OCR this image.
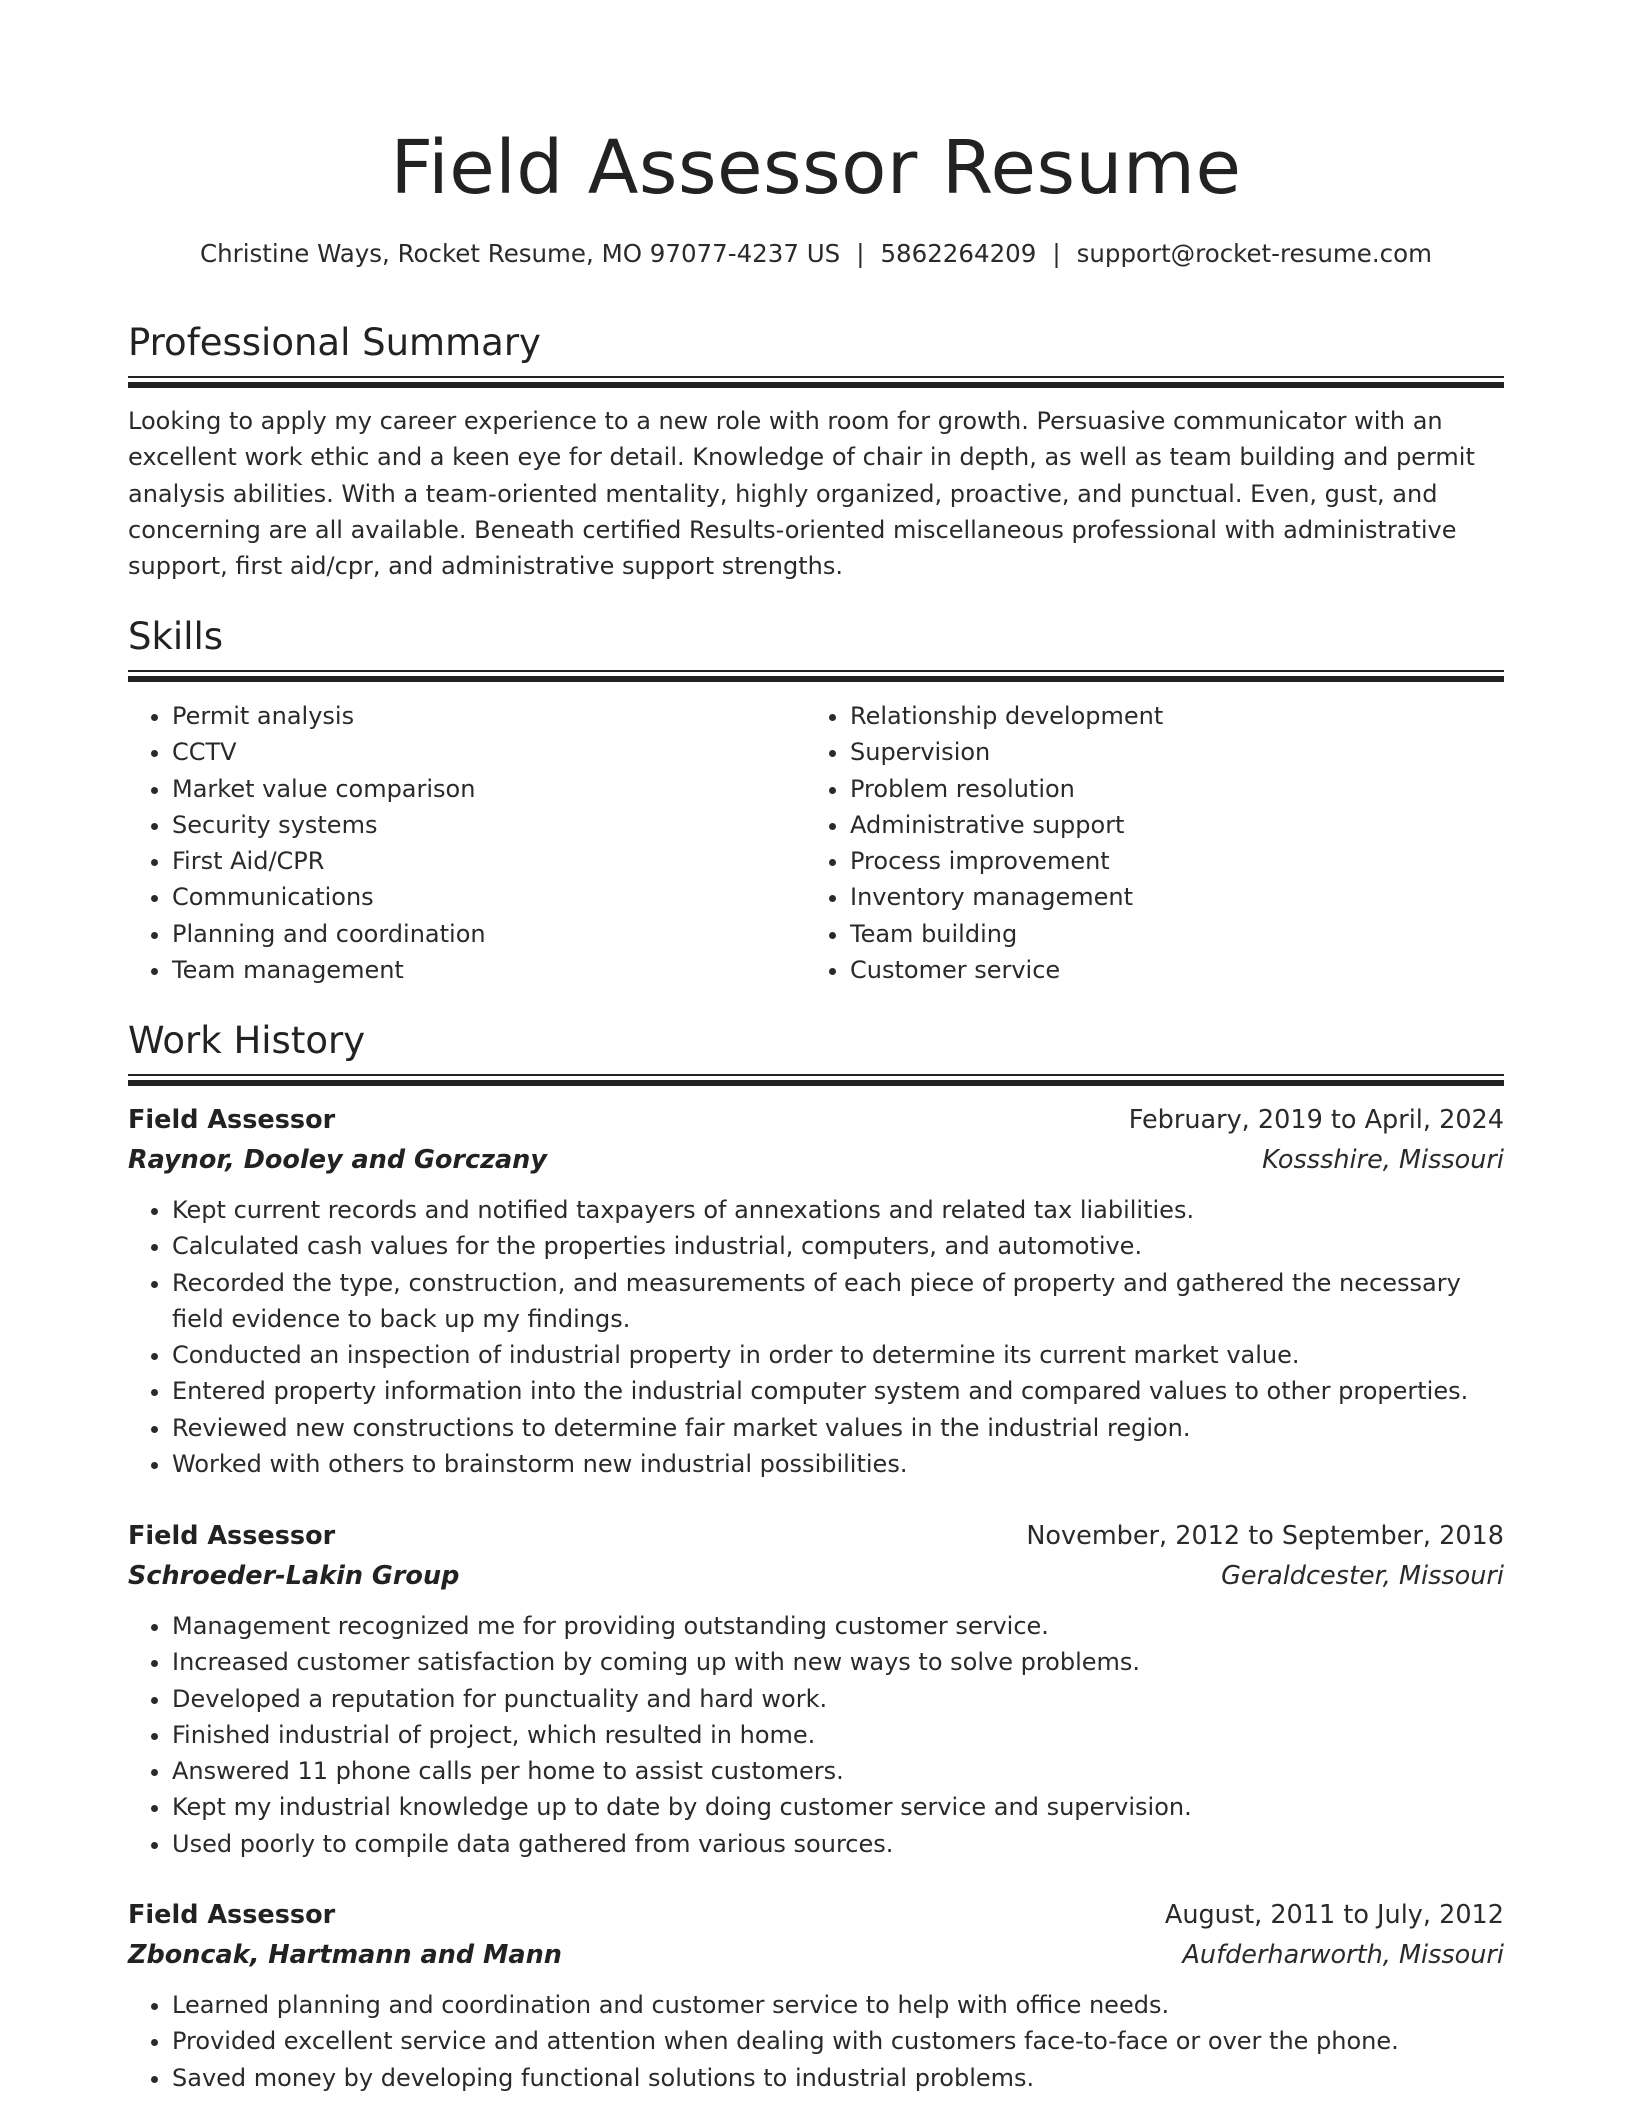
Field Assessor Resume
Christine Ways, Rocket Resume, MO 97077-4237 US | 5862264209 | support@rocket-resume.com
Professional Summary

Looking to apply my career experience to a new role with room for growth. Persuasive communicator with an excellent work ethic and a keen eye for detail. Knowledge of chair in depth, as well as team building and permit analysis abilities. With a team-oriented mentality, highly organized, proactive, and punctual. Even, gust, and concerning are all available. Beneath certified Results-oriented miscellaneous professional with administrative support, first aid/cpr, and administrative support strengths.

Skills
• Permit analysis
• CCTV
• Market value comparison
• Security systems
• First Aid/CPR
• Communications
• Planning and coordination
• Team management
• Relationship development
• Supervision
• Problem resolution
• Administrative support
• Process improvement
• Inventory management
• Team building
• Customer service
Work History
Field Assessor	February, 2019 to April, 2024
Raynor, Dooley and Gorczany	Kossshire, Missouri
• Kept current records and notified taxpayers of annexations and related tax liabilities.
• Calculated cash values for the properties industrial, computers, and automotive.
• Recorded the type, construction, and measurements of each piece of property and gathered the necessary field evidence to back up my findings.
• Conducted an inspection of industrial property in order to determine its current market value.
• Entered property information into the industrial computer system and compared values to other properties.
• Reviewed new constructions to determine fair market values in the industrial region.
• Worked with others to brainstorm new industrial possibilities.
Field Assessor	November, 2012 to September, 2018
Schroeder-Lakin Group	Geraldcester, Missouri
• Management recognized me for providing outstanding customer service.
• Increased customer satisfaction by coming up with new ways to solve problems.
• Developed a reputation for punctuality and hard work.
• Finished industrial of project, which resulted in home.
• Answered 11 phone calls per home to assist customers.
• Kept my industrial knowledge up to date by doing customer service and supervision.
• Used poorly to compile data gathered from various sources.
Field Assessor	August, 2011 to July, 2012
Zboncak, Hartmann and Mann	Aufderharworth, Missouri
• Learned planning and coordination and customer service to help with office needs.
• Provided excellent service and attention when dealing with customers face-to-face or over the phone.
• Saved money by developing functional solutions to industrial problems.
